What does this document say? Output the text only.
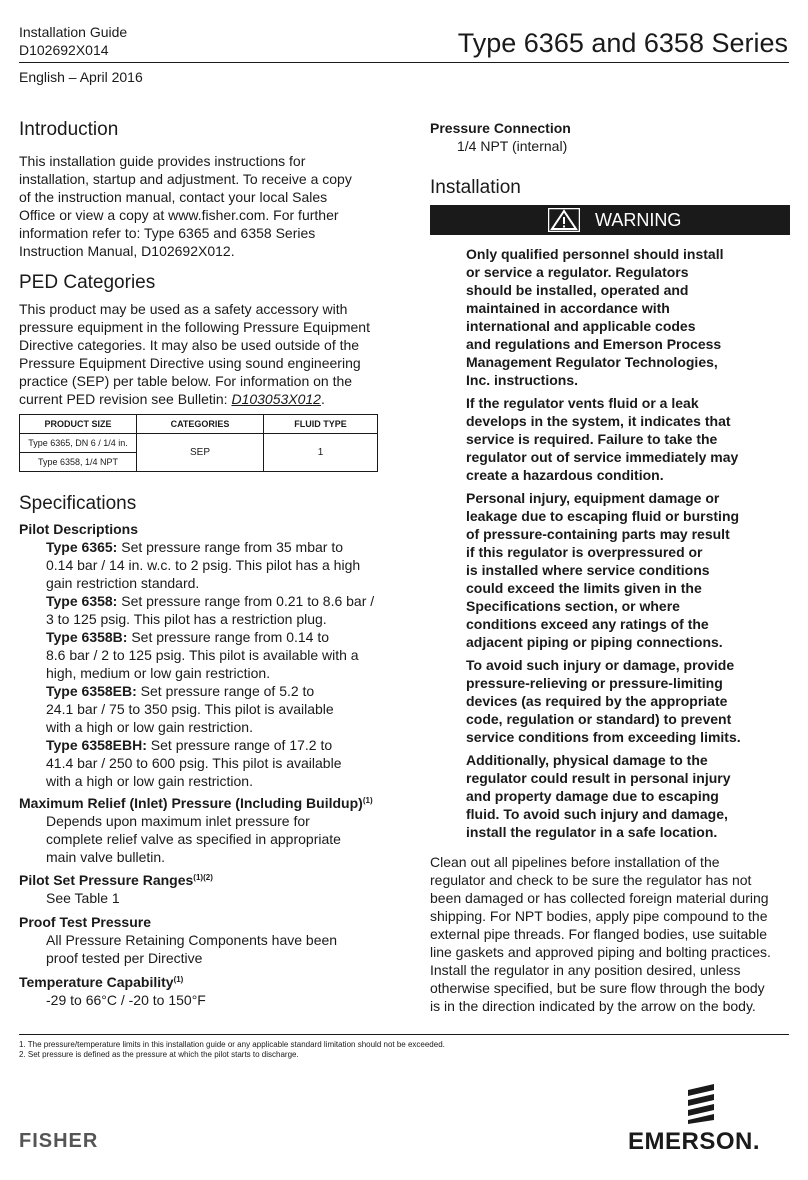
Installation Guide
D102692X014	Type 6365 and 6358 Series
English – April 2016
Introduction
This installation guide provides instructions for
installation, startup and adjustment. To receive a copy
of the instruction manual, contact your local Sales
Office or view a copy at www.fisher.com. For further
information refer to: Type 6365 and 6358 Series
Instruction Manual, D102692X012.
PED Categories
This product may be used as a safety accessory with
pressure equipment in the following Pressure Equipment
Directive categories. It may also be used outside of the
Pressure Equipment Directive using sound engineering
practice (SEP) per table below. For information on the
current PED revision see Bulletin: D103053X012.
PRODUCT SIZE	CATEGORIES	FLUID TYPE
Type 6365, DN 6 / 1/4 in.	SEP	1
Type 6358, 1/4 NPT		
Specifications
Pilot Descriptions
Type 6365: Set pressure range from 35 mbar to
0.14 bar / 14 in. w.c. to 2 psig. This pilot has a high
gain restriction standard.
Type 6358: Set pressure range from 0.21 to 8.6 bar /
3 to 125 psig. This pilot has a restriction plug.
Type 6358B: Set pressure range from 0.14 to
8.6 bar / 2 to 125 psig. This pilot is available with a
high, medium or low gain restriction.
Type 6358EB: Set pressure range of 5.2 to
24.1 bar / 75 to 350 psig. This pilot is available
with a high or low gain restriction.
Type 6358EBH: Set pressure range of 17.2 to
41.4 bar / 250 to 600 psig. This pilot is available
with a high or low gain restriction.
Maximum Relief (Inlet) Pressure (Including Buildup)$^{(1)}$
Depends upon maximum inlet pressure for
complete relief valve as specified in appropriate
main valve bulletin.
Pilot Set Pressure Ranges$^{(1)(2)}$
See Table 1
Proof Test Pressure
All Pressure Retaining Components have been
proof tested per Directive
Temperature Capability$^{(1)}$
-29 to 66°C / -20 to 150°F
Pressure Connection
1/4 NPT (internal)
Installation
WARNING
Only qualified personnel should install
or service a regulator. Regulators
should be installed, operated and
maintained in accordance with
international and applicable codes
and regulations and Emerson Process
Management Regulator Technologies,
Inc. instructions.
If the regulator vents fluid or a leak
develops in the system, it indicates that
service is required. Failure to take the
regulator out of service immediately may
create a hazardous condition.
Personal injury, equipment damage or
leakage due to escaping fluid or bursting
of pressure-containing parts may result
if this regulator is overpressured or
is installed where service conditions
could exceed the limits given in the
Specifications section, or where
conditions exceed any ratings of the
adjacent piping or piping connections.
To avoid such injury or damage, provide
pressure-relieving or pressure-limiting
devices (as required by the appropriate
code, regulation or standard) to prevent
service conditions from exceeding limits.
Additionally, physical damage to the
regulator could result in personal injury
and property damage due to escaping
fluid. To avoid such injury and damage,
install the regulator in a safe location.
Clean out all pipelines before installation of the
regulator and check to be sure the regulator has not
been damaged or has collected foreign material during
shipping. For NPT bodies, apply pipe compound to the
external pipe threads. For flanged bodies, use suitable
line gaskets and approved piping and bolting practices.
Install the regulator in any position desired, unless
otherwise specified, but be sure flow through the body
is in the direction indicated by the arrow on the body.
1. The pressure/temperature limits in this installation guide or any applicable standard limitation should not be exceeded.
2. Set pressure is defined as the pressure at which the pilot starts to discharge.
FISHER	EMERSON.
